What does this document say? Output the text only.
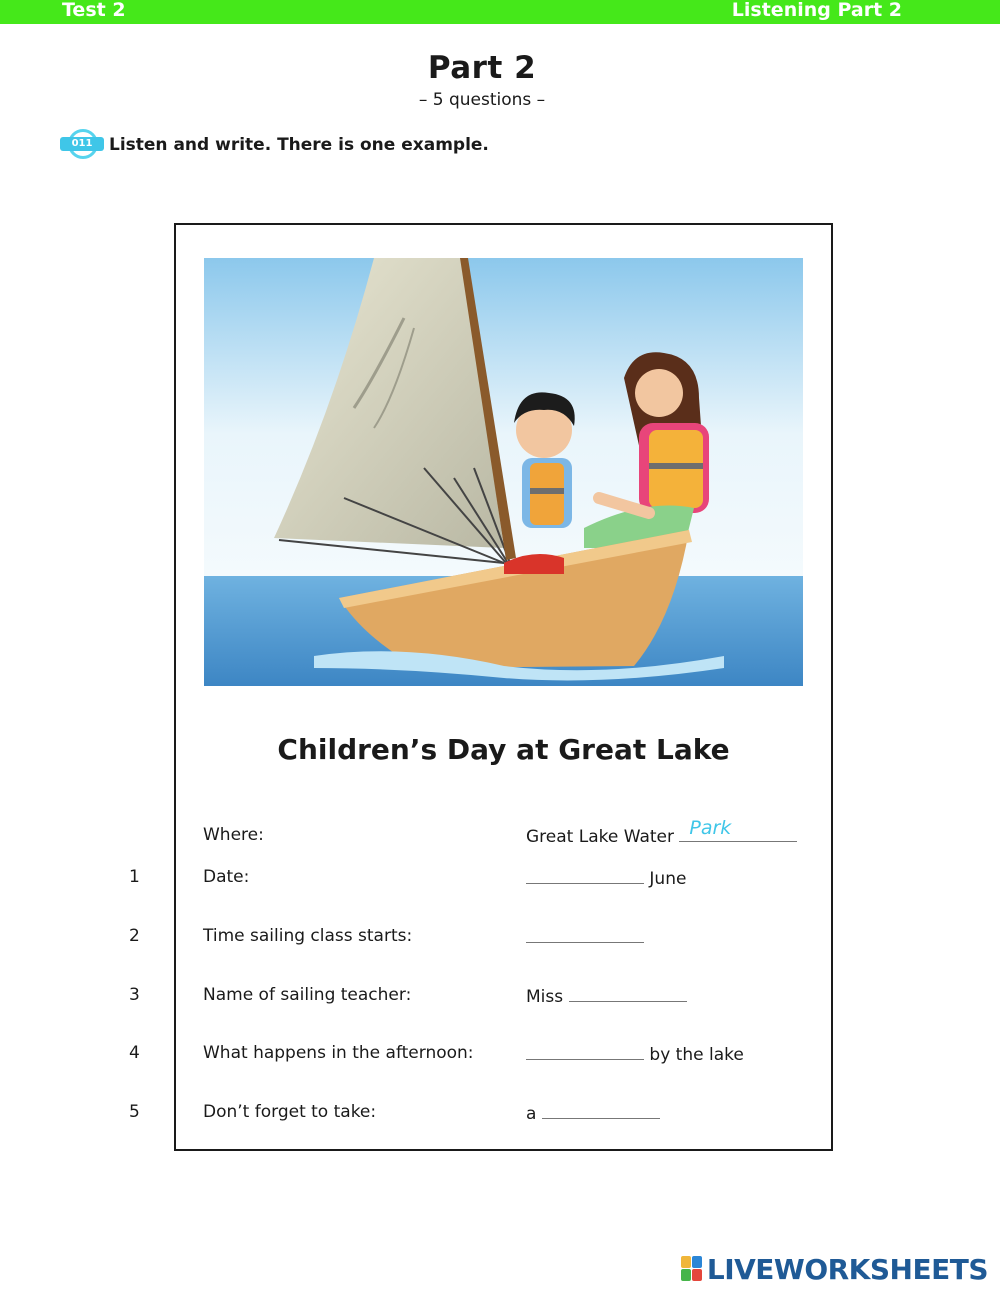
Test 2	Listening Part 2
Part 2
– 5 questions –
011 Listen and write. There is one example.
Children’s Day at Great Lake
Where:	Great Lake Water Park
1	Date:	June
2	Time sailing class starts:
3	Name of sailing teacher:	Miss
4	What happens in the afternoon:	by the lake
5	Don’t forget to take:	a
LIVEWORKSHEETS
